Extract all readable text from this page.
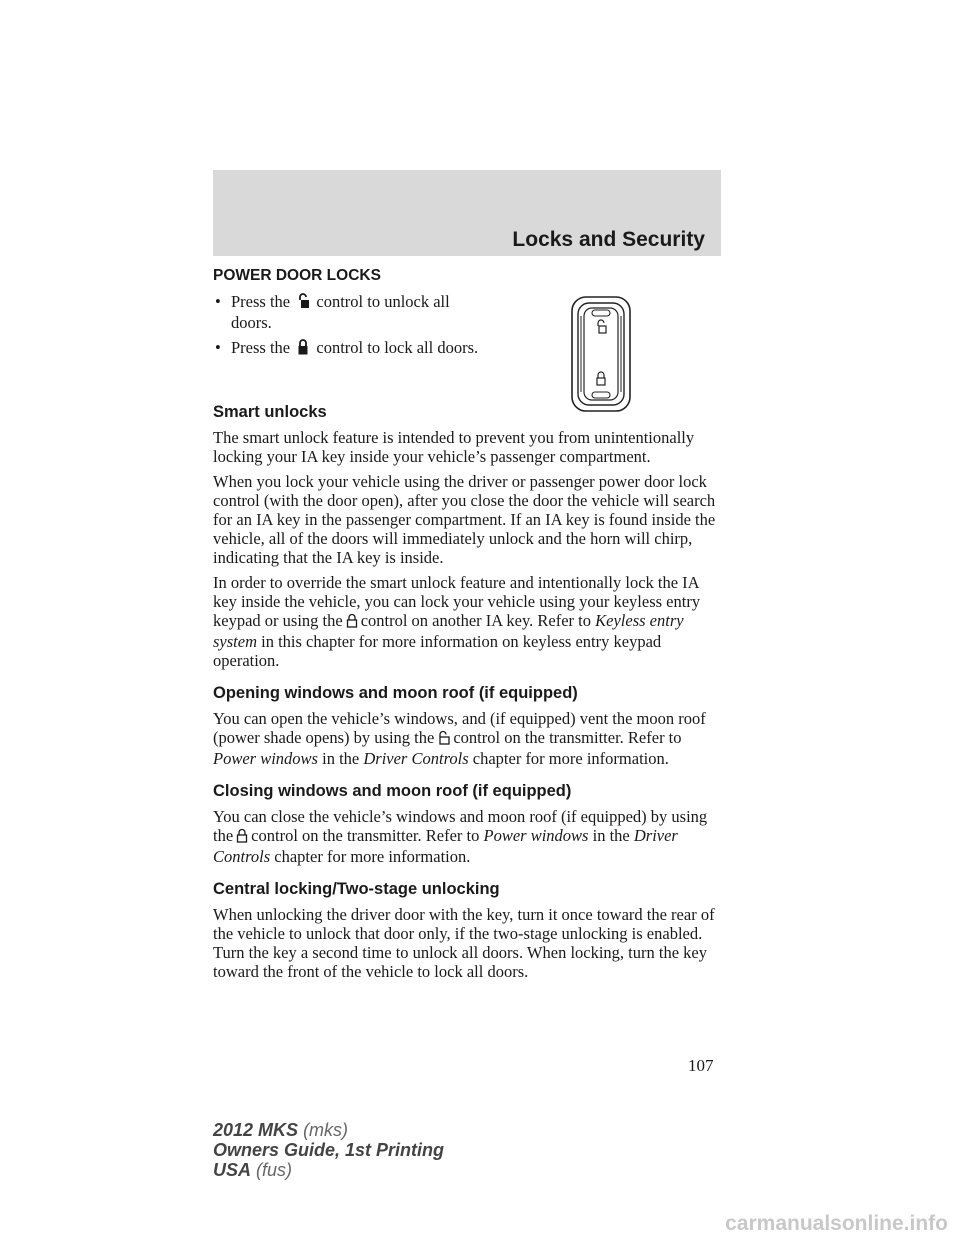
Locks and Security
POWER DOOR LOCKS
• Press the control to unlock all doors.
• Press the control to lock all doors.
Smart unlocks
The smart unlock feature is intended to prevent you from unintentionally locking your IA key inside your vehicle’s passenger compartment.
When you lock your vehicle using the driver or passenger power door lock control (with the door open), after you close the door the vehicle will search for an IA key in the passenger compartment. If an IA key is found inside the vehicle, all of the doors will immediately unlock and the horn will chirp, indicating that the IA key is inside.
In order to override the smart unlock feature and intentionally lock the IA key inside the vehicle, you can lock your vehicle using your keyless entry keypad or using the control on another IA key. Refer to Keyless entry system in this chapter for more information on keyless entry keypad operation.
Opening windows and moon roof (if equipped)
You can open the vehicle’s windows, and (if equipped) vent the moon roof (power shade opens) by using the control on the transmitter. Refer to Power windows in the Driver Controls chapter for more information.
Closing windows and moon roof (if equipped)
You can close the vehicle’s windows and moon roof (if equipped) by using the control on the transmitter. Refer to Power windows in the Driver Controls chapter for more information.
Central locking/Two-stage unlocking
When unlocking the driver door with the key, turn it once toward the rear of the vehicle to unlock that door only, if the two-stage unlocking is enabled. Turn the key a second time to unlock all doors. When locking, turn the key toward the front of the vehicle to lock all doors.
107
2012 MKS (mks)
Owners Guide, 1st Printing
USA (fus)
carmanualsonline.info
